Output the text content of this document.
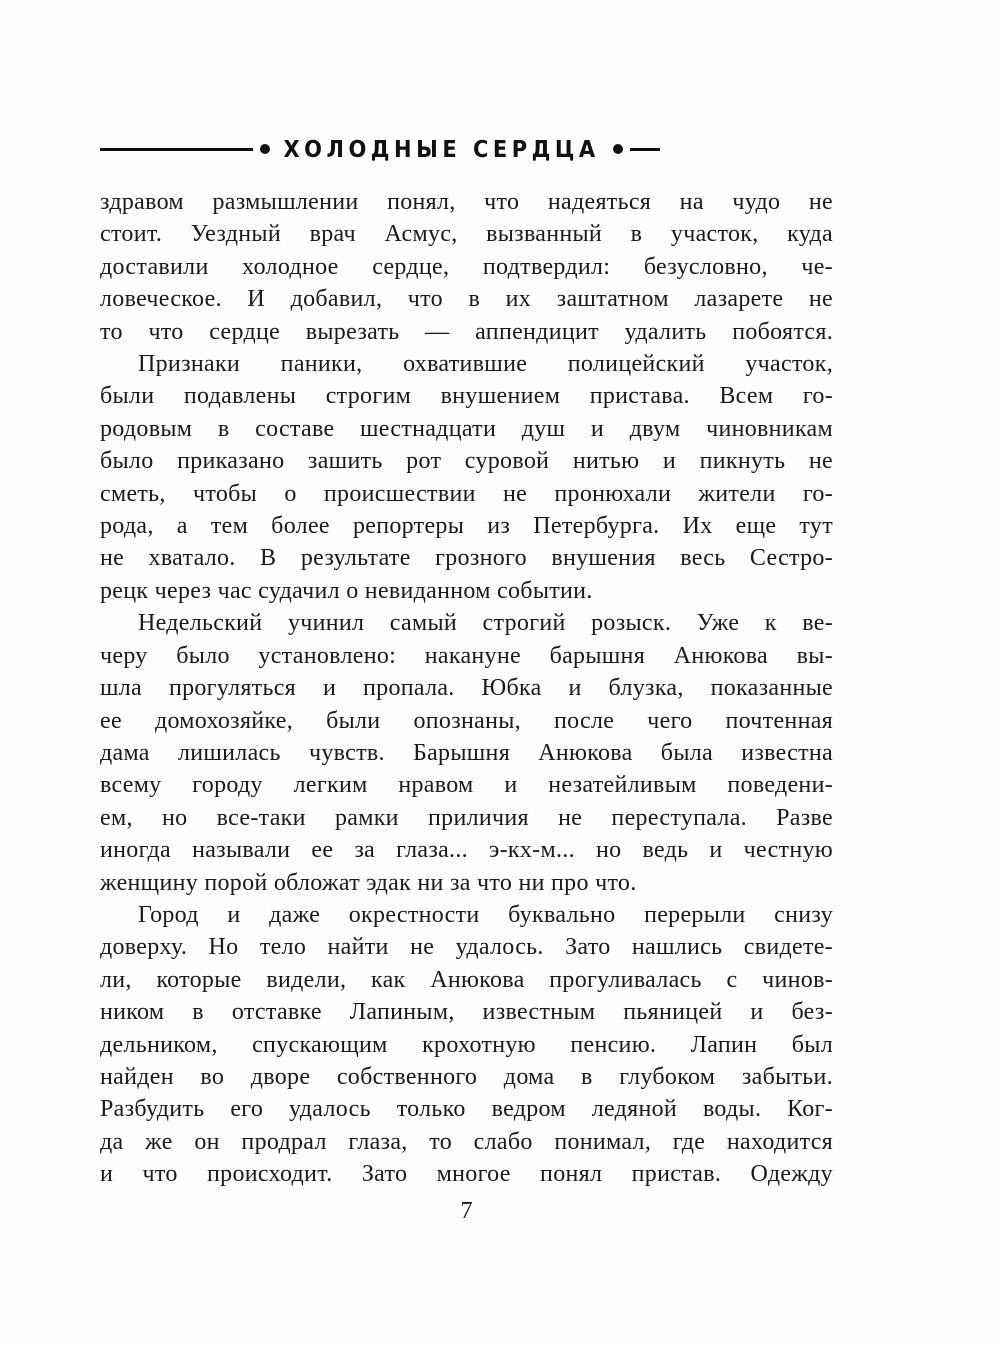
ХОЛОДНЫЕ СЕРДЦА
здравом размышлении понял, что надеяться на чудо не
стоит. Уездный врач Асмус, вызванный в участок, куда
доставили холодное сердце, подтвердил: безусловно, че-
ловеческое. И добавил, что в их заштатном лазарете не
то что сердце вырезать — аппендицит удалить побоятся.
Признаки паники, охватившие полицейский участок,
были подавлены строгим внушением пристава. Всем го-
родовым в составе шестнадцати душ и двум чиновникам
было приказано зашить рот суровой нитью и пикнуть не
сметь, чтобы о происшествии не пронюхали жители го-
рода, а тем более репортеры из Петербурга. Их еще тут
не хватало. В результате грозного внушения весь Сестро-
рецк через час судачил о невиданном событии.
Недельский учинил самый строгий розыск. Уже к ве-
черу было установлено: накануне барышня Анюкова вы-
шла прогуляться и пропала. Юбка и блузка, показанные
ее домохозяйке, были опознаны, после чего почтенная
дама лишилась чувств. Барышня Анюкова была известна
всему городу легким нравом и незатейливым поведени-
ем, но все-таки рамки приличия не переступала. Разве
иногда называли ее за глаза... э-кх-м... но ведь и честную
женщину порой обложат эдак ни за что ни про что.
Город и даже окрестности буквально перерыли снизу
доверху. Но тело найти не удалось. Зато нашлись свидете-
ли, которые видели, как Анюкова прогуливалась с чинов-
ником в отставке Лапиным, известным пьяницей и без-
дельником, спускающим крохотную пенсию. Лапин был
найден во дворе собственного дома в глубоком забытьи.
Разбудить его удалось только ведром ледяной воды. Ког-
да же он продрал глаза, то слабо понимал, где находится
и что происходит. Зато многое понял пристав. Одежду
7
